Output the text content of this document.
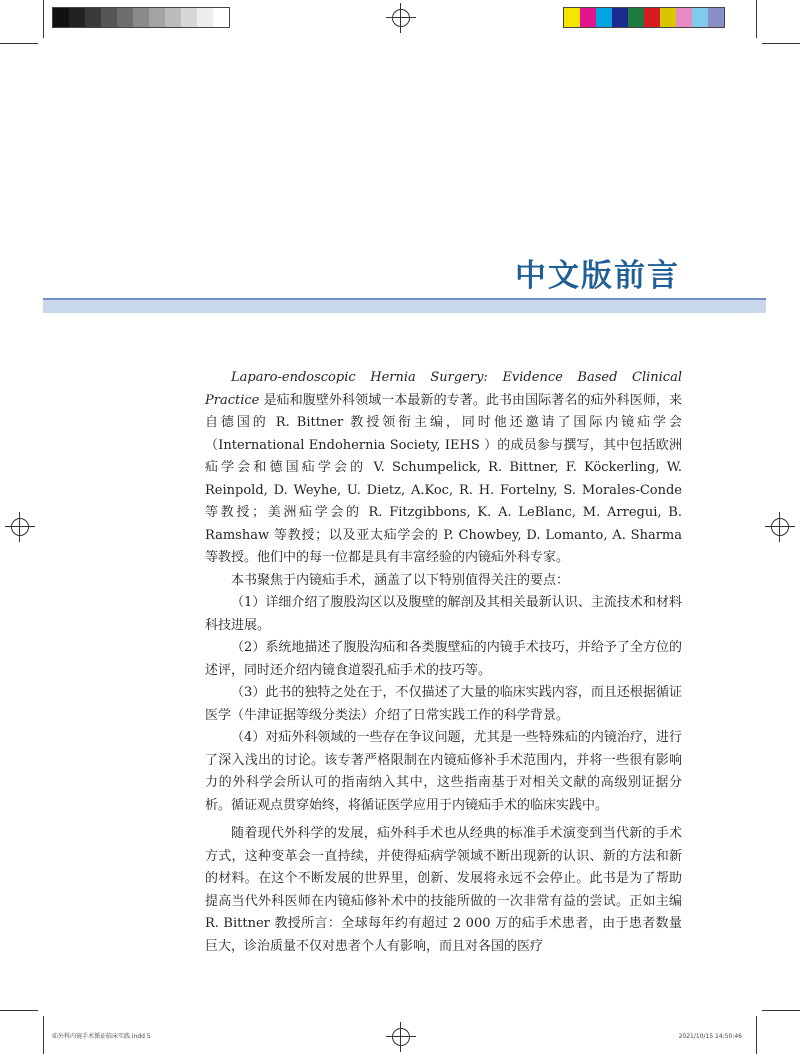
中文版前言

Laparo-endoscopic Hernia Surgery: Evidence Based Clinical Practice 是疝和腹壁外科领域一本最新的专著。此书由国际著名的疝外科医师，来自德国的 R. Bittner 教授领衔主编，同时他还邀请了国际内镜疝学会（International Endohernia Society, IEHS ）的成员参与撰写，其中包括欧洲疝学会和德国疝学会的 V. Schumpelick, R. Bittner, F. Köckerling, W. Reinpold, D. Weyhe, U. Dietz, A.Koc, R. H. Fortelny, S. Morales-Conde 等教授；美洲疝学会的 R. Fitzgibbons, K. A. LeBlanc, M. Arregui, B. Ramshaw 等教授；以及亚太疝学会的 P. Chowbey, D. Lomanto, A. Sharma 等教授。他们中的每一位都是具有丰富经验的内镜疝外科专家。

本书聚焦于内镜疝手术，涵盖了以下特别值得关注的要点：

（1）详细介绍了腹股沟区以及腹壁的解剖及其相关最新认识、主流技术和材料科技进展。

（2）系统地描述了腹股沟疝和各类腹壁疝的内镜手术技巧，并给予了全方位的述评，同时还介绍内镜食道裂孔疝手术的技巧等。

（3）此书的独特之处在于，不仅描述了大量的临床实践内容，而且还根据循证医学（牛津证据等级分类法）介绍了日常实践工作的科学背景。

（4）对疝外科领域的一些存在争议问题，尤其是一些特殊疝的内镜治疗，进行了深入浅出的讨论。该专著严格限制在内镜疝修补手术范围内，并将一些很有影响力的外科学会所认可的指南纳入其中，这些指南基于对相关文献的高级别证据分析。循证观点贯穿始终，将循证医学应用于内镜疝手术的临床实践中。

随着现代外科学的发展，疝外科手术也从经典的标准手术演变到当代新的手术方式，这种变革会一直持续，并使得疝病学领域不断出现新的认识、新的方法和新的材料。在这个不断发展的世界里，创新、发展将永远不会停止。此书是为了帮助提高当代外科医师在内镜疝修补术中的技能所做的一次非常有益的尝试。正如主编 R. Bittner 教授所言：全球每年约有超过 2 000 万的疝手术患者，由于患者数量巨大，诊治质量不仅对患者个人有影响，而且对各国的医疗

疝外科内镜手术循证临床实践.indd 5	2021/10/15 14:50:46
